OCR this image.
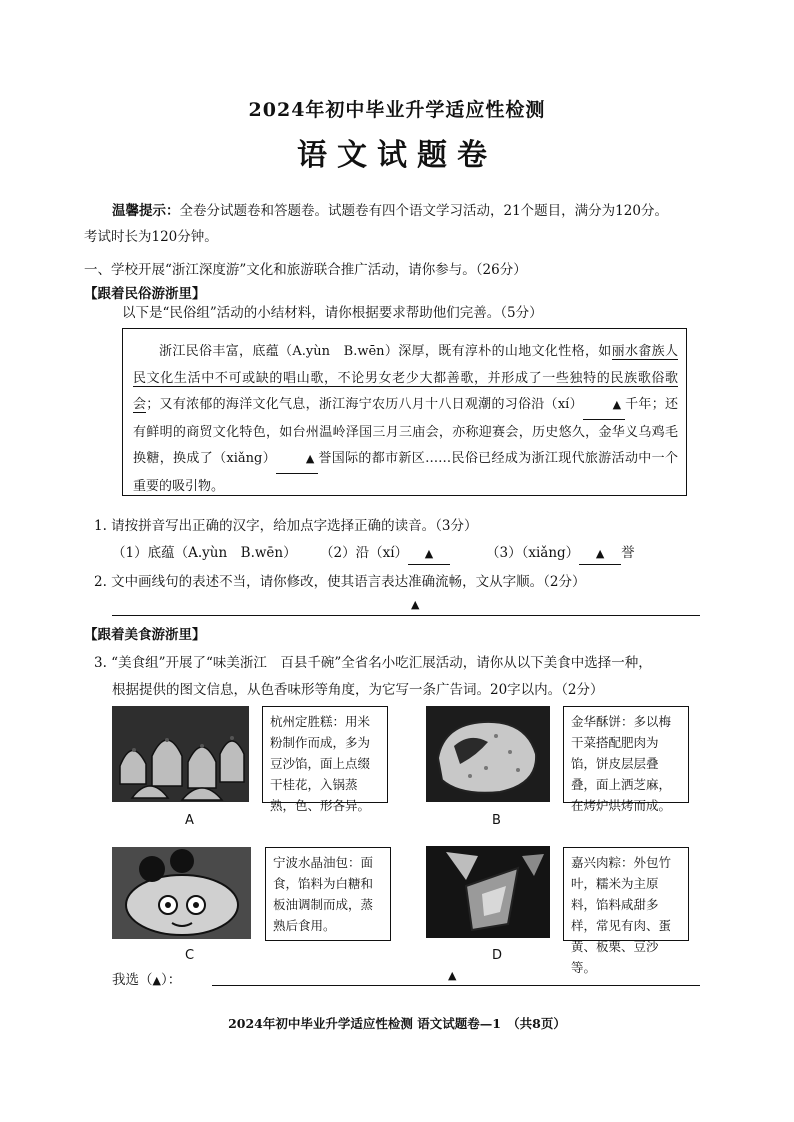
2024年初中毕业升学适应性检测
语文试题卷
温馨提示：全卷分试题卷和答题卷。试题卷有四个语文学习活动，21个题目，满分为120分。
考试时长为120分钟。
一、学校开展“浙江深度游”文化和旅游联合推广活动，请你参与。（26分）
【跟着民俗游浙里】
以下是“民俗组”活动的小结材料，请你根据要求帮助他们完善。（5分）
浙江民俗丰富，底蕴（A.yùn　B.wēn）深厚，既有淳朴的山地文化性格，如丽水畲族人民文化生活中不可或缺的唱山歌，不论男女老少大都善歌，并形成了一些独特的民族歌俗歌会；又有浓郁的海洋文化气息，浙江海宁农历八月十八日观潮的习俗沿（xí）	▲ 千年；还有鲜明的商贸文化特色，如台州温岭泽国三月三庙会，亦称迎赛会，历史悠久，金华义乌鸡毛换糖，换成了（xiǎng）	▲ 誉国际的都市新区……民俗已经成为浙江现代旅游活动中一个重要的吸引物。
1. 请按拼音写出正确的汉字，给加点字选择正确的读音。（3分）
（1）底蕴（A.yùn　B.wēn） （2）沿（xí） ▲	（3）（xiǎng） ▲ 誉
2. 文中画线句的表述不当，请你修改，使其语言表达准确流畅，文从字顺。（2分）
▲
【跟着美食游浙里】
3. “美食组”开展了“味美浙江　百县千碗”全省名小吃汇展活动，请你从以下美食中选择一种，
根据提供的图文信息，从色香味形等角度，为它写一条广告词。20字以内。（2分）
杭州定胜糕：用米粉制作而成，多为豆沙馅，面上点缀干桂花，入锅蒸熟，色、形各异。
A
金华酥饼：多以梅干菜搭配肥肉为馅，饼皮层层叠叠，面上洒芝麻，在烤炉烘烤而成。
B
宁波水晶油包：面食，馅料为白糖和板油调制而成，蒸熟后食用。
C
嘉兴肉粽：外包竹叶，糯米为主原料，馅料咸甜多样，常见有肉、蛋黄、板栗、豆沙等。
D
我选（▲）：	▲
2024年初中毕业升学适应性检测 语文试题卷—1　（共8页）
